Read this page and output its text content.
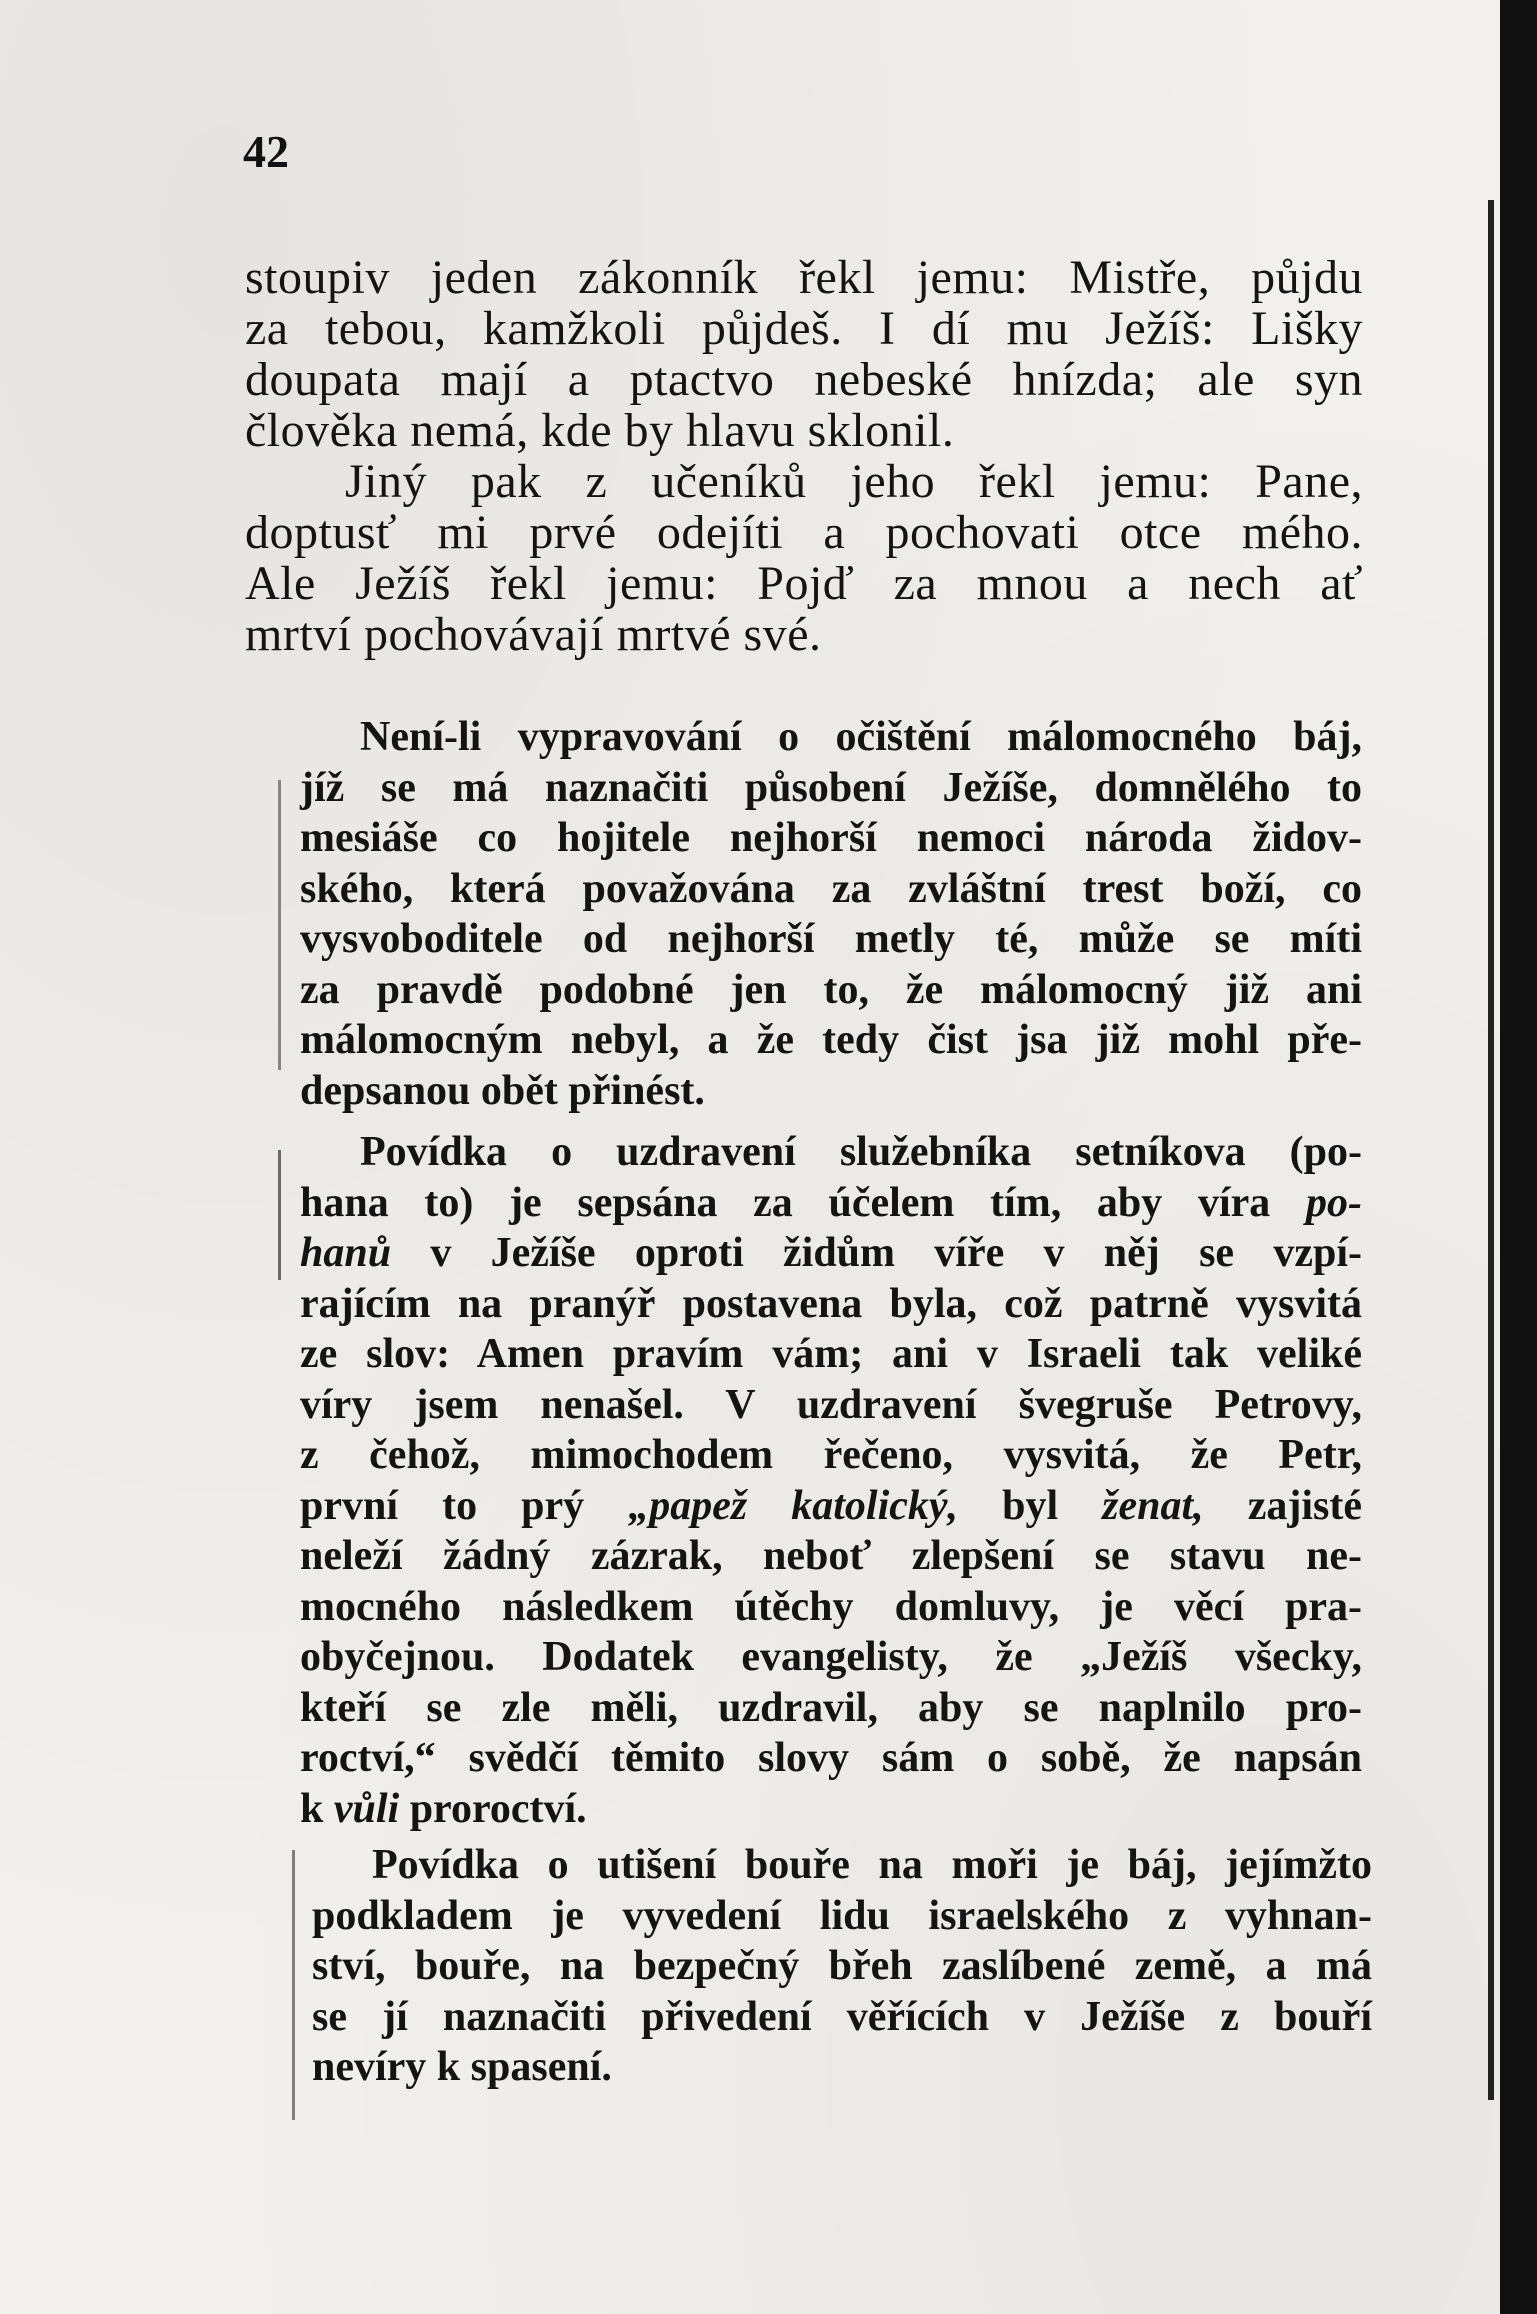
42
stoupiv jeden zákonník řekl jemu: Mistře, půjdu
za tebou, kamžkoli půjdeš. I dí mu Ježíš: Lišky
doupata mají a ptactvo nebeské hnízda; ale syn
člověka nemá, kde by hlavu sklonil.
Jiný pak z učeníků jeho řekl jemu: Pane,
doptusť mi prvé odejíti a pochovati otce mého.
Ale Ježíš řekl jemu: Pojď za mnou a nech ať
mrtví pochovávají mrtvé své.
Není-li vypravování o očištění málomocného báj,
jíž se má naznačiti působení Ježíše, domnělého to
mesiáše co hojitele nejhorší nemoci národa židov-
ského, která považována za zvláštní trest boží, co
vysvoboditele od nejhorší metly té, může se míti
za pravdě podobné jen to, že málomocný již ani
málomocným nebyl, a že tedy čist jsa již mohl pře-
depsanou obět přinést.
Povídka o uzdravení služebníka setníkova (po-
hana to) je sepsána za účelem tím, aby víra po-
hanů v Ježíše oproti židům víře v něj se vzpí-
rajícím na pranýř postavena byla, což patrně vysvitá
ze slov: Amen pravím vám; ani v Israeli tak veliké
víry jsem nenašel. V uzdravení švegruše Petrovy,
z čehož, mimochodem řečeno, vysvitá, že Petr,
první to prý „papež katolický, byl ženat, zajisté
neleží žádný zázrak, neboť zlepšení se stavu ne-
mocného následkem útěchy domluvy, je věcí pra-
obyčejnou. Dodatek evangelisty, že „Ježíš všecky,
kteří se zle měli, uzdravil, aby se naplnilo pro-
roctví,“ svědčí těmito slovy sám o sobě, že napsán
k vůli proroctví.
Povídka o utišení bouře na moři je báj, jejímžto
podkladem je vyvedení lidu israelského z vyhnan-
ství, bouře, na bezpečný břeh zaslíbené země, a má
se jí naznačiti přivedení věřících v Ježíše z bouří
nevíry k spasení.
